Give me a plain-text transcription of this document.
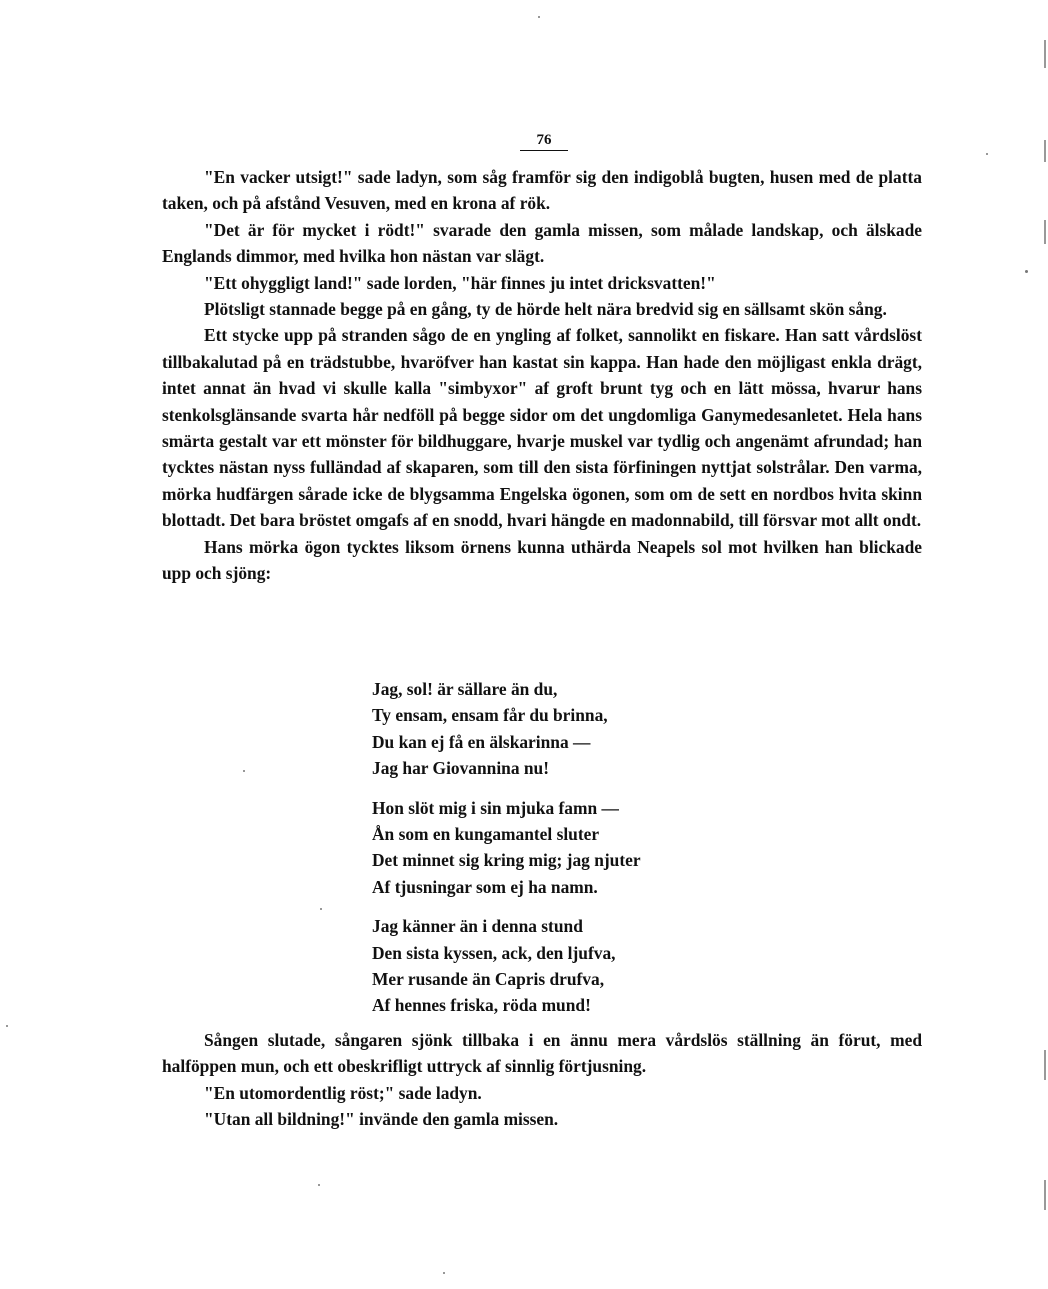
76

"En vacker utsigt!" sade ladyn, som såg framför sig den indigoblå bugten, husen med de platta taken, och på afstånd Vesuven, med en krona af rök.

"Det är för mycket i rödt!" svarade den gamla missen, som målade landskap, och älskade Englands dimmor, med hvilka hon nästan var slägt.

"Ett ohyggligt land!" sade lorden, "här finnes ju intet dricksvatten!"

Plötsligt stannade begge på en gång, ty de hörde helt nära bredvid sig en sällsamt skön sång.

Ett stycke upp på stranden sågo de en yngling af folket, sannolikt en fiskare. Han satt vårdslöst tillbakalutad på en trädstubbe, hvaröfver han kastat sin kappa. Han hade den möjligast enkla drägt, intet annat än hvad vi skulle kalla "simbyxor" af groft brunt tyg och en lätt mössa, hvarur hans stenkolsglänsande svarta hår nedföll på begge sidor om det ungdomliga Ganymedesanletet. Hela hans smärta gestalt var ett mönster för bildhuggare, hvarje muskel var tydlig och angenämt afrundad; han tycktes nästan nyss fulländad af skaparen, som till den sista förfiningen nyttjat solstrålar. Den varma, mörka hudfärgen sårade icke de blygsamma Engelska ögonen, som om de sett en nordbos hvita skinn blottadt. Det bara bröstet omgafs af en snodd, hvari hängde en madonnabild, till försvar mot allt ondt.

Hans mörka ögon tycktes liksom örnens kunna uthärda Neapels sol mot hvilken han blickade upp och sjöng:

Jag, sol! är sällare än du,
Ty ensam, ensam får du brinna,
Du kan ej få en älskarinna —
Jag har Giovannina nu!
Hon slöt mig i sin mjuka famn —
Ån som en kungamantel sluter
Det minnet sig kring mig; jag njuter
Af tjusningar som ej ha namn.
Jag känner än i denna stund
Den sista kyssen, ack, den ljufva,
Mer rusande än Capris drufva,
Af hennes friska, röda mund!

Sången slutade, sångaren sjönk tillbaka i en ännu mera vårdslös ställning än förut, med halföppen mun, och ett obeskrifligt uttryck af sinnlig förtjusning.

"En utomordentlig röst;" sade ladyn.

"Utan all bildning!" invände den gamla missen.
